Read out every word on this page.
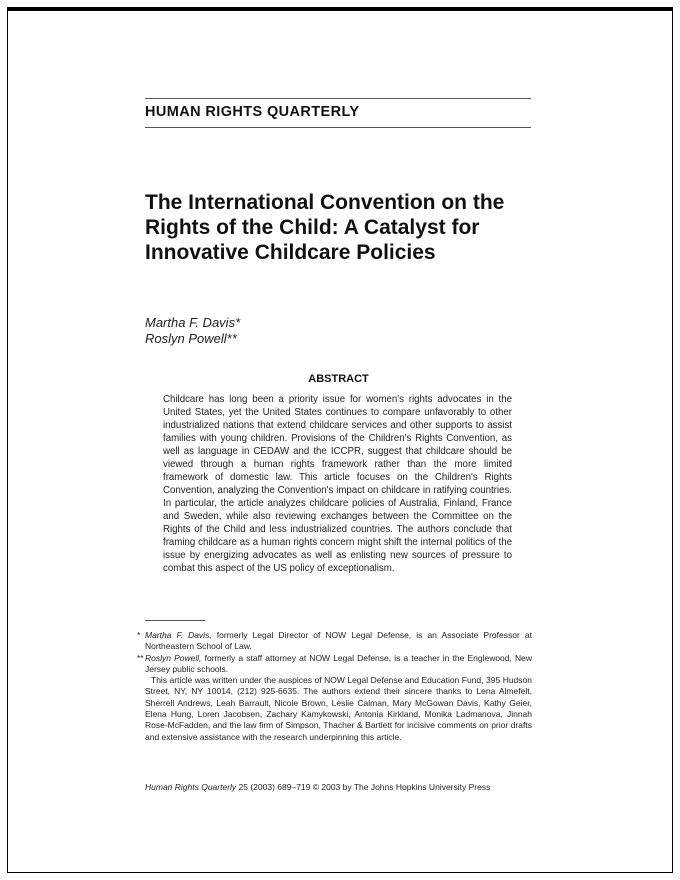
HUMAN RIGHTS QUARTERLY
The International Convention on the Rights of the Child: A Catalyst for Innovative Childcare Policies
Martha F. Davis*
Roslyn Powell**
ABSTRACT

Childcare has long been a priority issue for women's rights advocates in the United States, yet the United States continues to compare unfavorably to other industrialized nations that extend childcare services and other supports to assist families with young children. Provisions of the Children's Rights Convention, as well as language in CEDAW and the ICCPR, suggest that childcare should be viewed through a human rights framework rather than the more limited framework of domestic law. This article focuses on the Children's Rights Convention, analyzing the Convention's impact on childcare in ratifying countries. In particular, the article analyzes childcare policies of Australia, Finland, France and Sweden, while also reviewing exchanges between the Committee on the Rights of the Child and less industrialized countries. The authors conclude that framing childcare as a human rights concern might shift the internal politics of the issue by energizing advocates as well as enlisting new sources of pressure to combat this aspect of the US policy of exceptionalism.

* Martha F. Davis, formerly Legal Director of NOW Legal Defense, is an Associate Professor at Northeastern School of Law.
** Roslyn Powell, formerly a staff attorney at NOW Legal Defense, is a teacher in the Englewood, New Jersey public schools.
This article was written under the auspices of NOW Legal Defense and Education Fund, 395 Hudson Street, NY, NY 10014, (212) 925-6635. The authors extend their sincere thanks to Lena Almefelt, Sherrell Andrews, Leah Barrault, Nicole Brown, Leslie Calman, Mary McGowan Davis, Kathy Geier, Elena Hung, Loren Jacobsen, Zachary Kamykowski, Antonia Kirkland, Monika Ladmanova, Jinnah Rose-McFadden, and the law firm of Simpson, Thacher & Bartlett for incisive comments on prior drafts and extensive assistance with the research underpinning this article.
Human Rights Quarterly 25 (2003) 689–719 © 2003 by The Johns Hopkins University Press
